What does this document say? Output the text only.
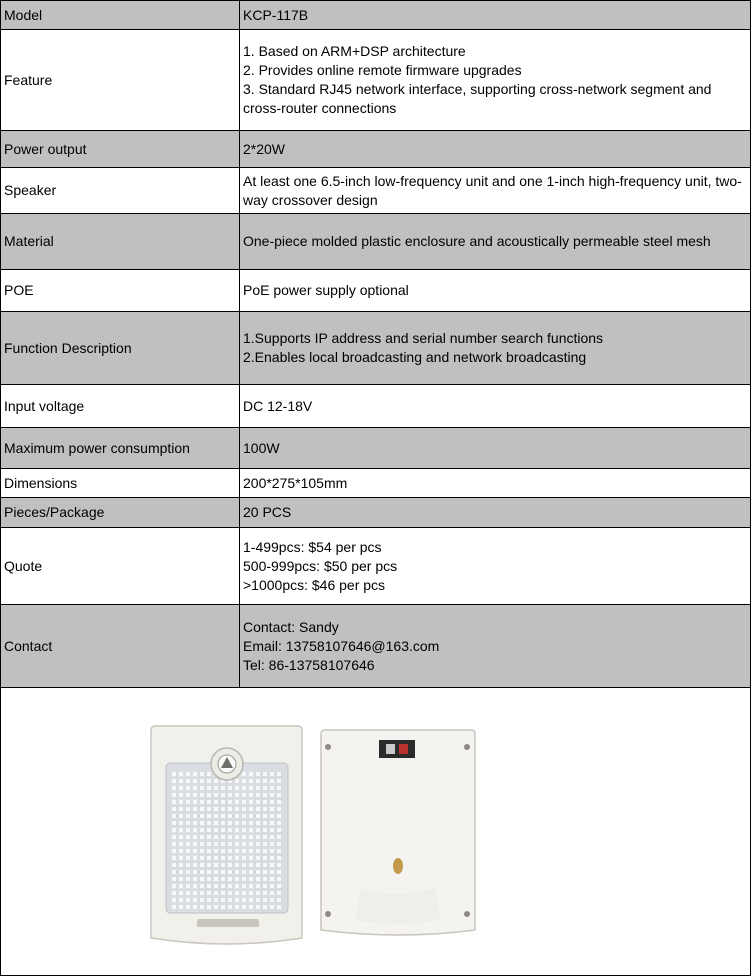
Model	KCP-117B

Feature	1. Based on ARM+DSP architecture
2. Provides online remote firmware upgrades
3. Standard RJ45 network interface, supporting cross-network segment and cross-router connections

Power output	2*20W

Speaker	At least one 6.5-inch low-frequency unit and one 1-inch high-frequency unit, two-way crossover design

Material	One-piece molded plastic enclosure and acoustically permeable steel mesh

POE	PoE power supply optional

Function Description	1.Supports IP address and serial number search functions
2.Enables local broadcasting and network broadcasting

Input voltage	DC 12-18V

Maximum power consumption	100W

Dimensions	200*275*105mm

Pieces/Package	20 PCS

Quote	1-499pcs: $54 per pcs
500-999pcs: $50 per pcs
>1000pcs: $46 per pcs

Contact	Contact: Sandy
Email: 13758107646@163.com
Tel: 86-13758107646
